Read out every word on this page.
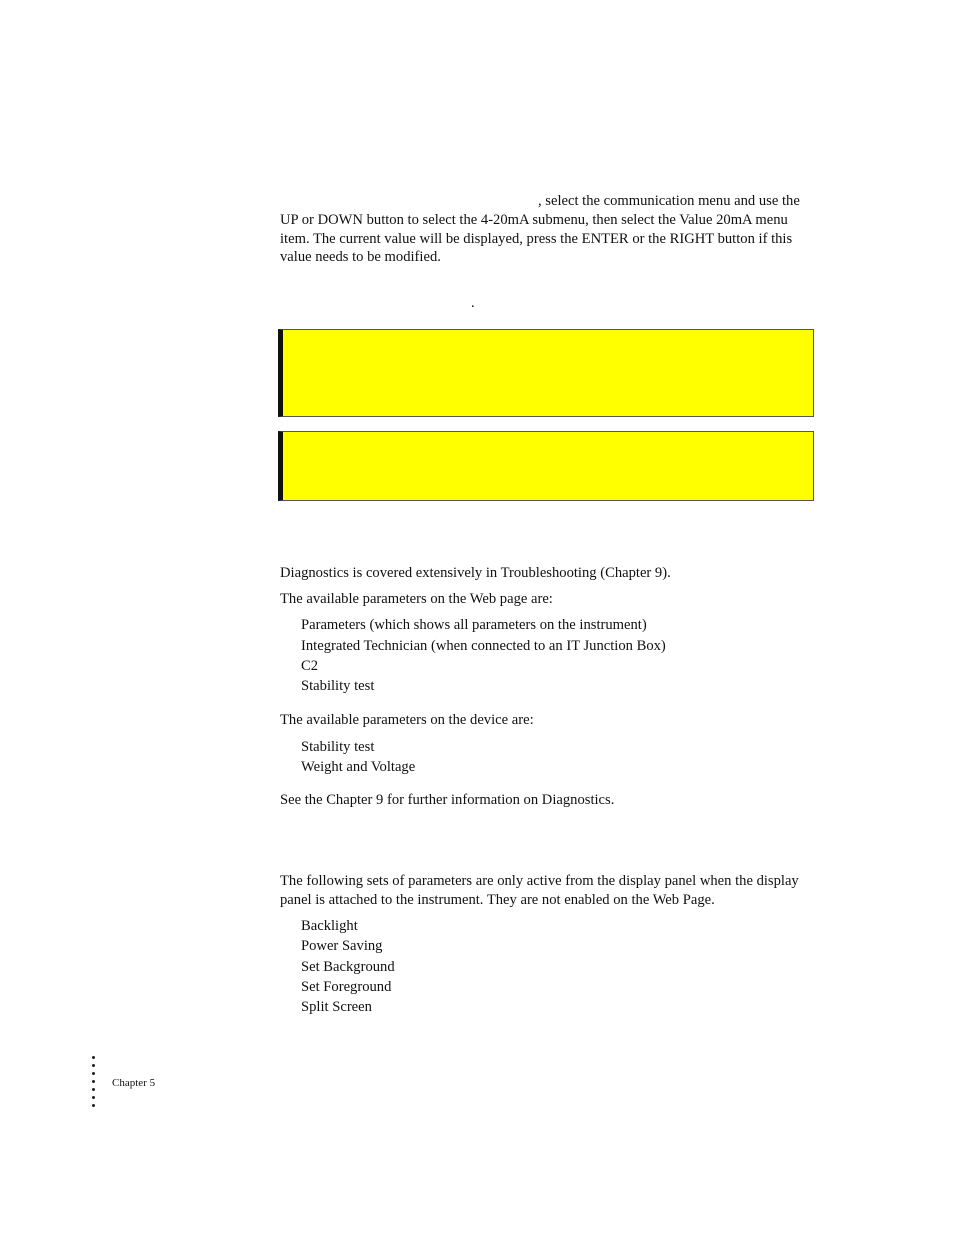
, select the communication menu and use the
UP or DOWN button to select the 4-20mA submenu, then select the Value 20mA menu
item. The current value will be displayed, press the ENTER or the RIGHT button if this
value needs to be modified.
.
Diagnostics is covered extensively in Troubleshooting (Chapter 9).
The available parameters on the Web page are:
Parameters (which shows all parameters on the instrument)
Integrated Technician (when connected to an IT Junction Box)
C2
Stability test
The available parameters on the device are:
Stability test
Weight and Voltage
See the Chapter 9 for further information on Diagnostics.
The following sets of parameters are only active from the display panel when the display
panel is attached to the instrument. They are not enabled on the Web Page.
Backlight
Power Saving
Set Background
Set Foreground
Split Screen
Chapter 5
